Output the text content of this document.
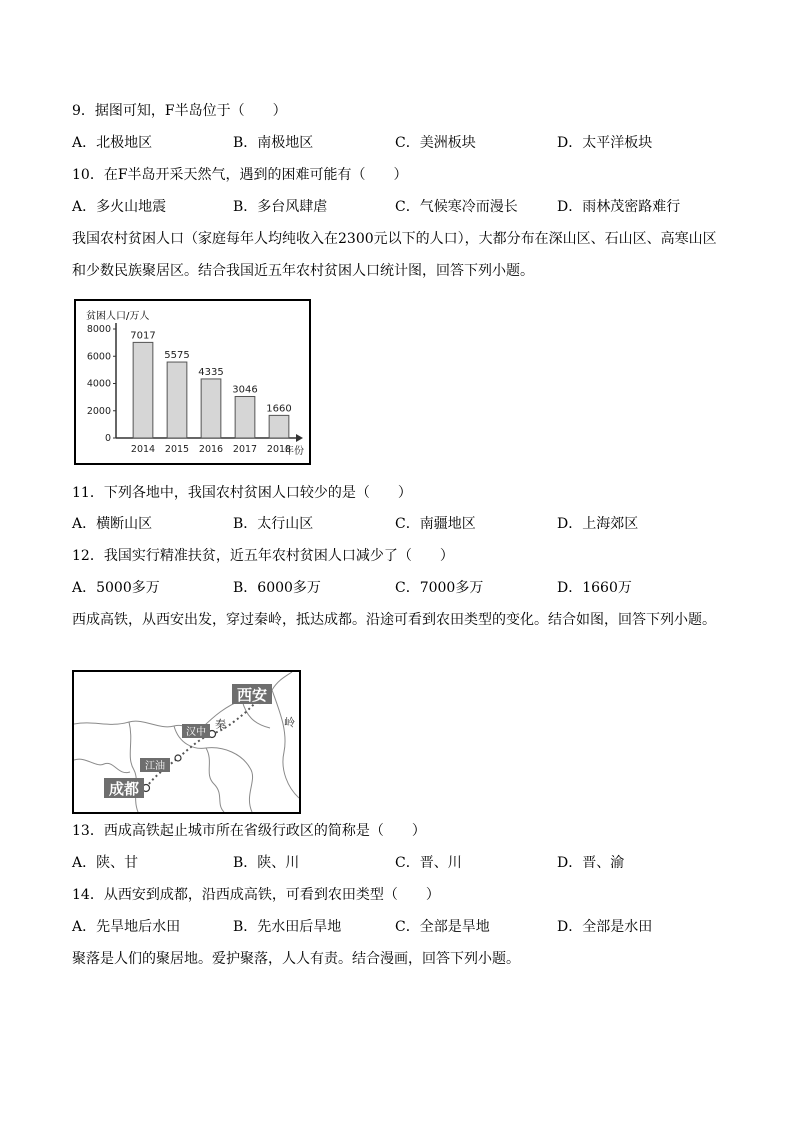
9．据图可知，F半岛位于（　　）
A．北极地区	B．南极地区	C．美洲板块	D．太平洋板块
10．在F半岛开采天然气，遇到的困难可能有（　　）
A．多火山地震	B．多台风肆虐	C．气候寒冷而漫长	D．雨林茂密路难行
我国农村贫困人口（家庭每年人均纯收入在2300元以下的人口），大都分布在深山区、石山区、高寒山区和少数民族聚居区。结合我国近五年农村贫困人口统计图，回答下列小题。
贫困人口/万人
0
2000
4000
6000
8000
7017
2014
5575
2015
4335
2016
3046
2017
1660
2018
年份
11．下列各地中，我国农村贫困人口较少的是（　　）
A．横断山区	B．太行山区	C．南疆地区	D．上海郊区
12．我国实行精准扶贫，近五年农村贫困人口减少了（　　）
A．5000多万	B．6000多万	C．7000多万	D．1660万
西成高铁，从西安出发，穿过秦岭，抵达成都。沿途可看到农田类型的变化。结合如图，回答下列小题。
西安
汉中
江油
成都
秦	岭
13．西成高铁起止城市所在省级行政区的简称是（　　）
A．陕、甘	B．陕、川	C．晋、川	D．晋、渝
14．从西安到成都，沿西成高铁，可看到农田类型（　　）
A．先旱地后水田	B．先水田后旱地	C．全部是旱地	D．全部是水田
聚落是人们的聚居地。爱护聚落，人人有责。结合漫画，回答下列小题。
